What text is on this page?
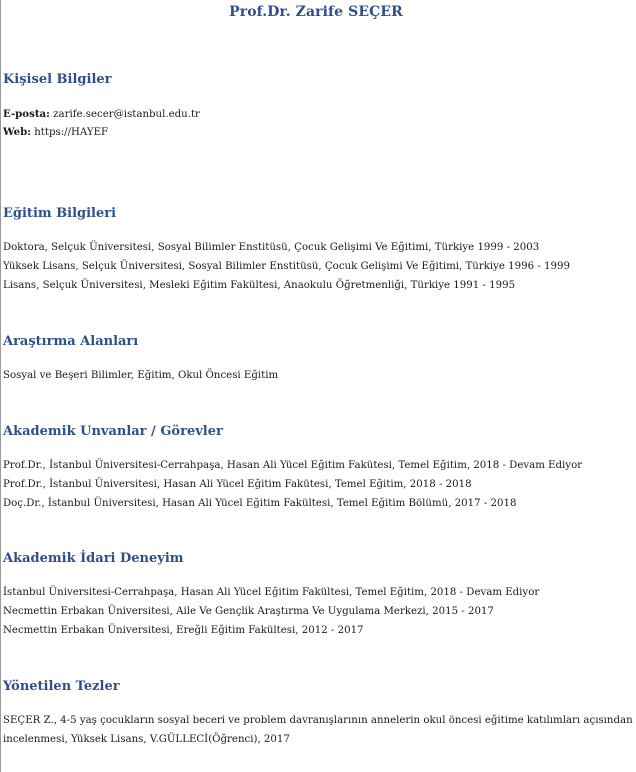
Prof.Dr. Zarife SEÇER
Kişisel Bilgiler
E-posta: zarife.secer@istanbul.edu.tr
Web: https://HAYEF
Eğitim Bilgileri
Doktora, Selçuk Üniversitesi, Sosyal Bilimler Enstitüsü, Çocuk Gelişimi Ve Eğitimi, Türkiye 1999 - 2003
Yüksek Lisans, Selçuk Üniversitesi, Sosyal Bilimler Enstitüsü, Çocuk Gelişimi Ve Eğitimi, Türkiye 1996 - 1999
Lisans, Selçuk Üniversitesi, Mesleki Eğitim Fakültesi, Anaokulu Öğretmenliği, Türkiye 1991 - 1995
Araştırma Alanları
Sosyal ve Beşeri Bilimler, Eğitim, Okul Öncesi Eğitim
Akademik Unvanlar / Görevler
Prof.Dr., İstanbul Üniversitesi-Cerrahpaşa, Hasan Ali Yücel Eğitim Fakütesi, Temel Eğitim, 2018 - Devam Ediyor
Prof.Dr., İstanbul Üniversitesi, Hasan Ali Yücel Eğitim Fakütesi, Temel Eğitim, 2018 - 2018
Doç.Dr., İstanbul Üniversitesi, Hasan Ali Yücel Eğitim Fakültesi, Temel Eğitim Bölümü, 2017 - 2018
Akademik İdari Deneyim
İstanbul Üniversitesi-Cerrahpaşa, Hasan Ali Yücel Eğitim Fakültesi, Temel Eğitim, 2018 - Devam Ediyor
Necmettin Erbakan Üniversitesi, Aile Ve Gençlik Araştırma Ve Uygulama Merkezi, 2015 - 2017
Necmettin Erbakan Üniversitesi, Ereğli Eğitim Fakültesi, 2012 - 2017
Yönetilen Tezler

SEÇER Z., 4-5 yaş çocukların sosyal beceri ve problem davranışlarının annelerin okul öncesi eğitime katılımları açısından incelenmesi, Yüksek Lisans, V.GÜLLECİ(Öğrenci), 2017
